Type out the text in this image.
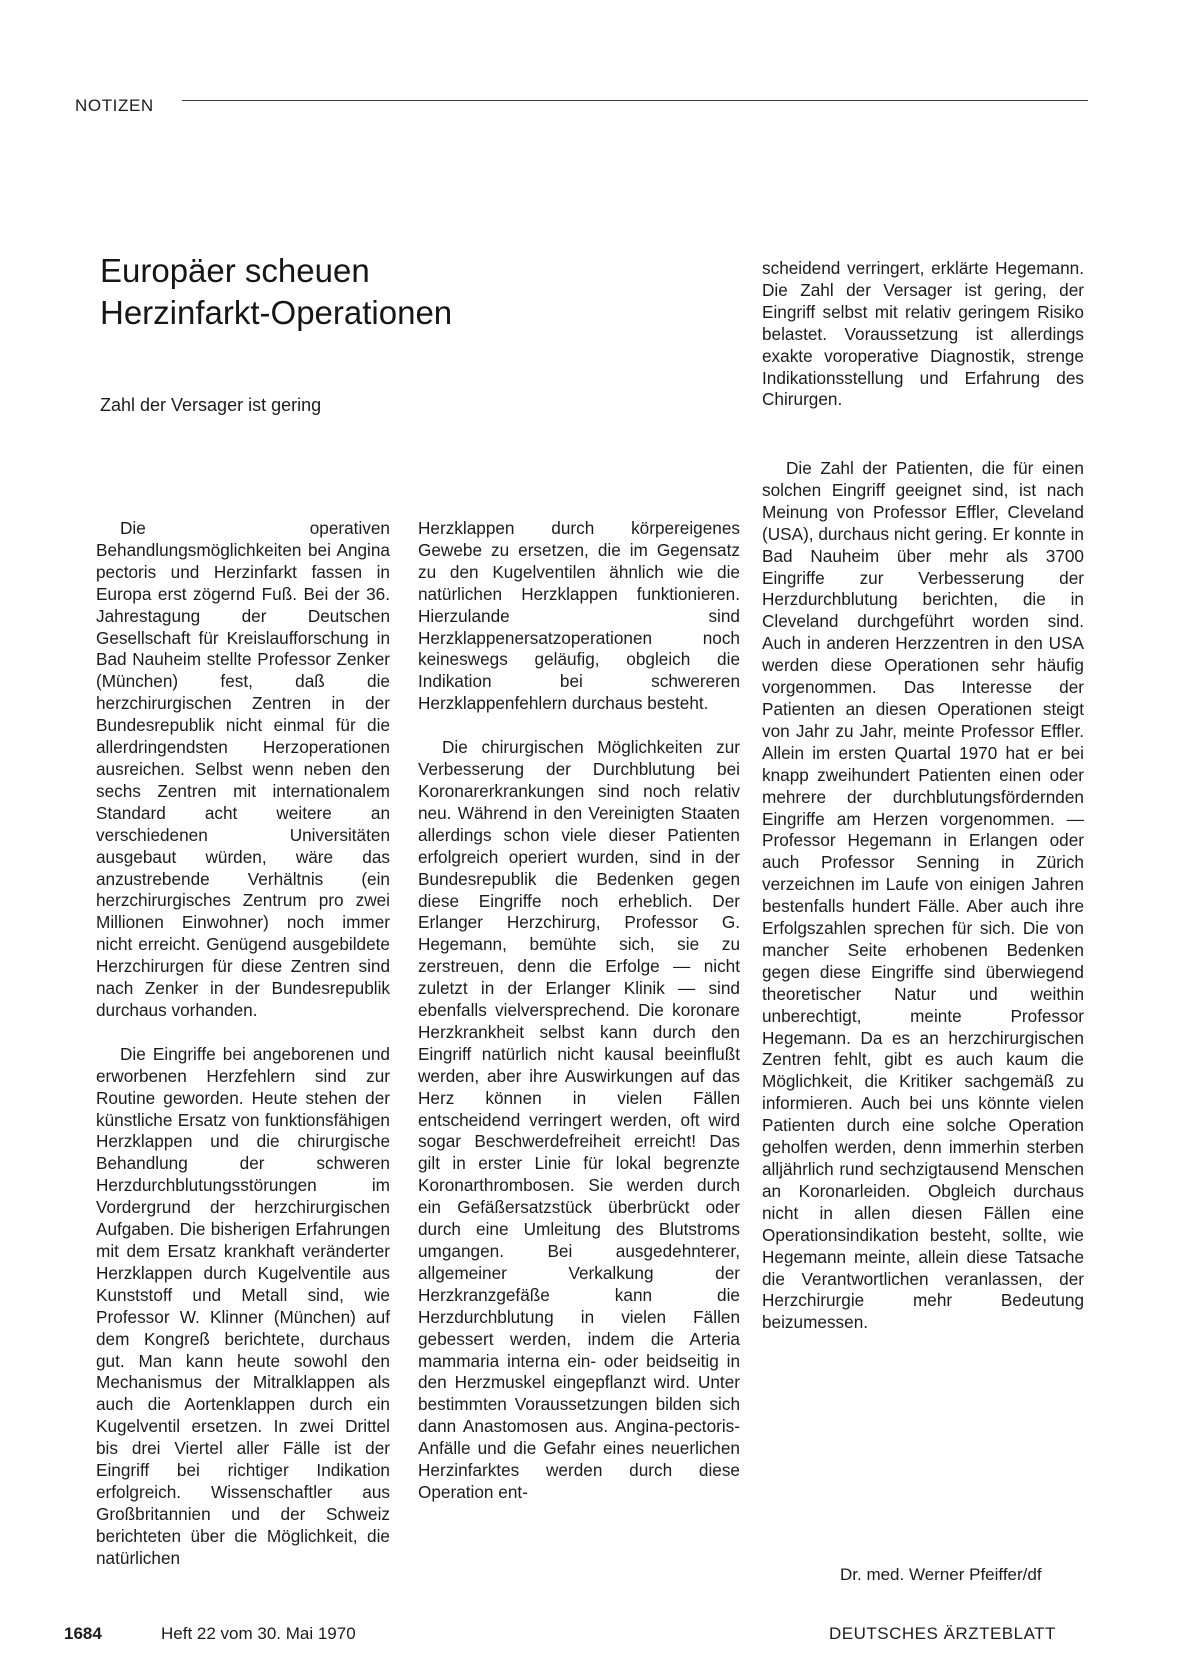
NOTIZEN
Europäer scheuen
Herzinfarkt-Operationen
Zahl der Versager ist gering

Die operativen Behandlungsmöglichkeiten bei Angina pectoris und Herzinfarkt fassen in Europa erst zögernd Fuß. Bei der 36. Jahrestagung der Deutschen Gesellschaft für Kreislaufforschung in Bad Nauheim stellte Professor Zenker (München) fest, daß die herzchirurgischen Zentren in der Bundesrepublik nicht einmal für die allerdringendsten Herzoperationen ausreichen. Selbst wenn neben den sechs Zentren mit internationalem Standard acht weitere an verschiedenen Universitäten ausgebaut würden, wäre das anzustrebende Verhältnis (ein herzchirurgisches Zentrum pro zwei Millionen Einwohner) noch immer nicht erreicht. Genügend ausgebildete Herzchirurgen für diese Zentren sind nach Zenker in der Bundesrepublik durchaus vorhanden.

Die Eingriffe bei angeborenen und erworbenen Herzfehlern sind zur Routine geworden. Heute stehen der künstliche Ersatz von funktionsfähigen Herzklappen und die chirurgische Behandlung der schweren Herzdurchblutungsstörungen im Vordergrund der herzchirurgischen Aufgaben. Die bisherigen Erfahrungen mit dem Ersatz krankhaft veränderter Herzklappen durch Kugelventile aus Kunststoff und Metall sind, wie Professor W. Klinner (München) auf dem Kongreß berichtete, durchaus gut. Man kann heute sowohl den Mechanismus der Mitralklappen als auch die Aortenklappen durch ein Kugelventil ersetzen. In zwei Drittel bis drei Viertel aller Fälle ist der Eingriff bei richtiger Indikation erfolgreich. Wissenschaftler aus Großbritannien und der Schweiz berichteten über die Möglichkeit, die natürlichen

Herzklappen durch körpereigenes Gewebe zu ersetzen, die im Gegensatz zu den Kugelventilen ähnlich wie die natürlichen Herzklappen funktionieren. Hierzulande sind Herzklappenersatzoperationen noch keineswegs geläufig, obgleich die Indikation bei schwereren Herzklappenfehlern durchaus besteht.

Die chirurgischen Möglichkeiten zur Verbesserung der Durchblutung bei Koronarerkrankungen sind noch relativ neu. Während in den Vereinigten Staaten allerdings schon viele dieser Patienten erfolgreich operiert wurden, sind in der Bundesrepublik die Bedenken gegen diese Eingriffe noch erheblich. Der Erlanger Herzchirurg, Professor G. Hegemann, bemühte sich, sie zu zerstreuen, denn die Erfolge — nicht zuletzt in der Erlanger Klinik — sind ebenfalls vielversprechend. Die koronare Herzkrankheit selbst kann durch den Eingriff natürlich nicht kausal beeinflußt werden, aber ihre Auswirkungen auf das Herz können in vielen Fällen entscheidend verringert werden, oft wird sogar Beschwerdefreiheit erreicht! Das gilt in erster Linie für lokal begrenzte Koronarthrombosen. Sie werden durch ein Gefäßersatzstück überbrückt oder durch eine Umleitung des Blutstroms umgangen. Bei ausgedehnterer, allgemeiner Verkalkung der Herzkranzgefäße kann die Herzdurchblutung in vielen Fällen gebessert werden, indem die Arteria mammaria interna ein- oder beidseitig in den Herzmuskel eingepflanzt wird. Unter bestimmten Voraussetzungen bilden sich dann Anastomosen aus. Angina-pectoris-Anfälle und die Gefahr eines neuerlichen Herzinfarktes werden durch diese Operation ent-

scheidend verringert, erklärte Hegemann. Die Zahl der Versager ist gering, der Eingriff selbst mit relativ geringem Risiko belastet. Voraussetzung ist allerdings exakte voroperative Diagnostik, strenge Indikationsstellung und Erfahrung des Chirurgen.

Die Zahl der Patienten, die für einen solchen Eingriff geeignet sind, ist nach Meinung von Professor Effler, Cleveland (USA), durchaus nicht gering. Er konnte in Bad Nauheim über mehr als 3700 Eingriffe zur Verbesserung der Herzdurchblutung berichten, die in Cleveland durchgeführt worden sind. Auch in anderen Herzzentren in den USA werden diese Operationen sehr häufig vorgenommen. Das Interesse der Patienten an diesen Operationen steigt von Jahr zu Jahr, meinte Professor Effler. Allein im ersten Quartal 1970 hat er bei knapp zweihundert Patienten einen oder mehrere der durchblutungsfördernden Eingriffe am Herzen vorgenommen. — Professor Hegemann in Erlangen oder auch Professor Senning in Zürich verzeichnen im Laufe von einigen Jahren bestenfalls hundert Fälle. Aber auch ihre Erfolgszahlen sprechen für sich. Die von mancher Seite erhobenen Bedenken gegen diese Eingriffe sind überwiegend theoretischer Natur und weithin unberechtigt, meinte Professor Hegemann. Da es an herzchirurgischen Zentren fehlt, gibt es auch kaum die Möglichkeit, die Kritiker sachgemäß zu informieren. Auch bei uns könnte vielen Patienten durch eine solche Operation geholfen werden, denn immerhin sterben alljährlich rund sechzigtausend Menschen an Koronarleiden. Obgleich durchaus nicht in allen diesen Fällen eine Operationsindikation besteht, sollte, wie Hegemann meinte, allein diese Tatsache die Verantwortlichen veranlassen, der Herzchirurgie mehr Bedeutung beizumessen.

Dr. med. Werner Pfeiffer/df
1684	Heft 22 vom 30. Mai 1970	DEUTSCHES ÄRZTEBLATT
